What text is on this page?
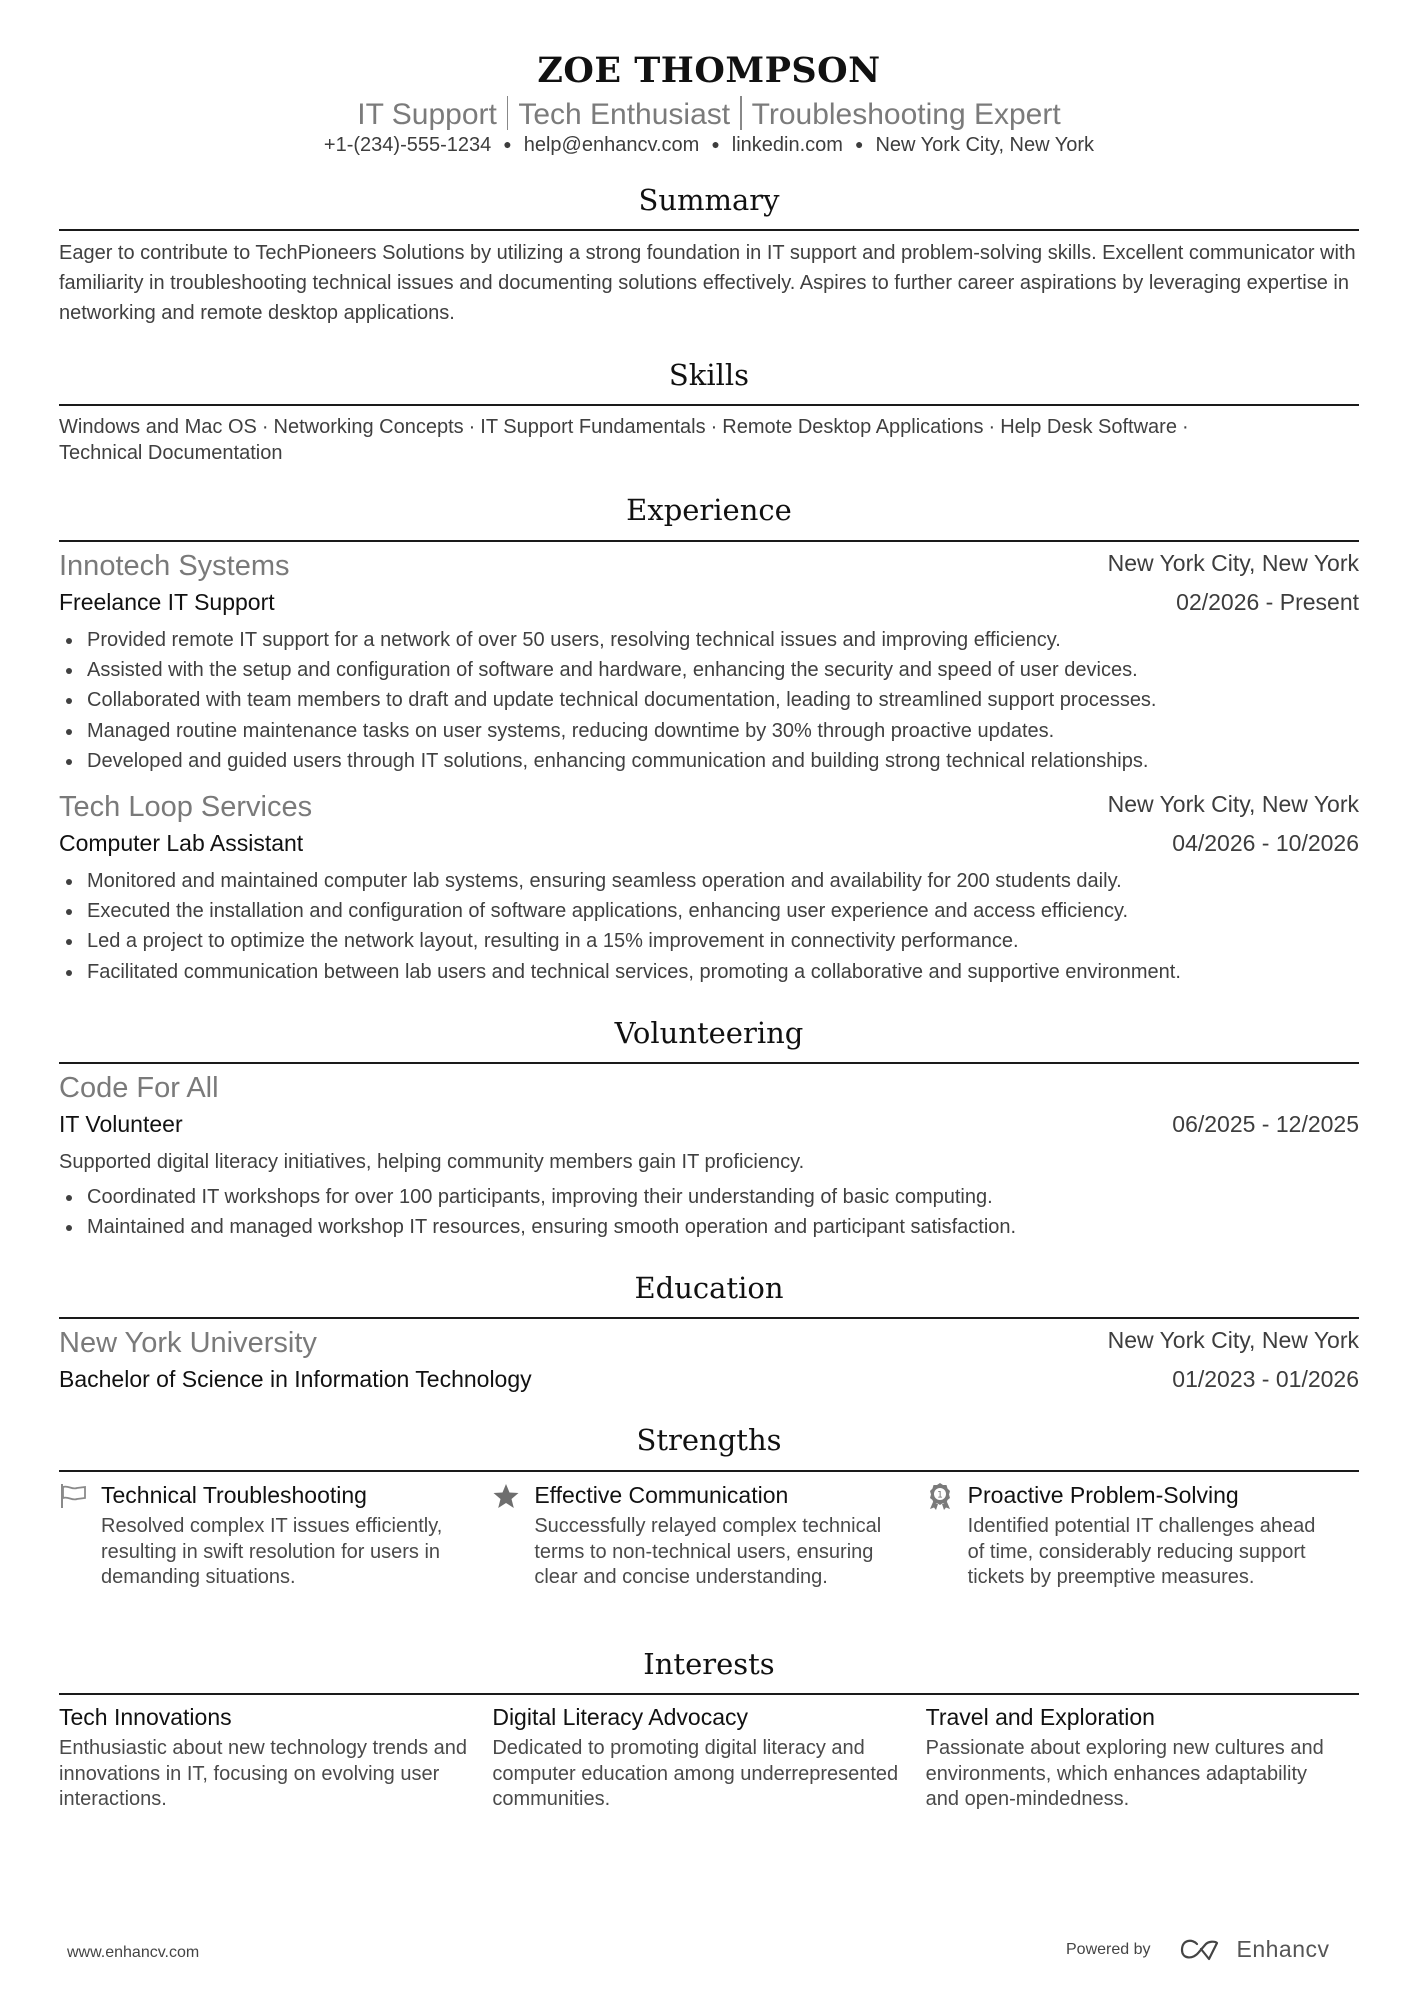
ZOE THOMPSON
IT Support Tech Enthusiast Troubleshooting Expert
+1-(234)-555-1234 ● help@enhancv.com ● linkedin.com ● New York City, New York
Summary
Eager to contribute to TechPioneers Solutions by utilizing a strong foundation in IT support and problem-solving skills. Excellent communicator with familiarity in troubleshooting technical issues and documenting solutions effectively. Aspires to further career aspirations by leveraging expertise in networking and remote desktop applications.
Skills
Windows and Mac OS · Networking Concepts · IT Support Fundamentals · Remote Desktop Applications · Help Desk Software ·
Technical Documentation
Experience
Innotech Systems	New York City, New York
Freelance IT Support	02/2026 - Present
Provided remote IT support for a network of over 50 users, resolving technical issues and improving efficiency.
Assisted with the setup and configuration of software and hardware, enhancing the security and speed of user devices.
Collaborated with team members to draft and update technical documentation, leading to streamlined support processes.
Managed routine maintenance tasks on user systems, reducing downtime by 30% through proactive updates.
Developed and guided users through IT solutions, enhancing communication and building strong technical relationships.
Tech Loop Services	New York City, New York
Computer Lab Assistant	04/2026 - 10/2026
Monitored and maintained computer lab systems, ensuring seamless operation and availability for 200 students daily.
Executed the installation and configuration of software applications, enhancing user experience and access efficiency.
Led a project to optimize the network layout, resulting in a 15% improvement in connectivity performance.
Facilitated communication between lab users and technical services, promoting a collaborative and supportive environment.
Volunteering
Code For All
IT Volunteer	06/2025 - 12/2025
Supported digital literacy initiatives, helping community members gain IT proficiency.
Coordinated IT workshops for over 100 participants, improving their understanding of basic computing.
Maintained and managed workshop IT resources, ensuring smooth operation and participant satisfaction.
Education
New York University	New York City, New York
Bachelor of Science in Information Technology	01/2023 - 01/2026
Strengths
Technical Troubleshooting
Resolved complex IT issues efficiently, resulting in swift resolution for users in demanding situations.
Effective Communication
Successfully relayed complex technical terms to non-technical users, ensuring clear and concise understanding.
1	Proactive Problem-Solving
Identified potential IT challenges ahead of time, considerably reducing support tickets by preemptive measures.
Interests
Tech Innovations
Enthusiastic about new technology trends and innovations in IT, focusing on evolving user interactions.
Digital Literacy Advocacy
Dedicated to promoting digital literacy and computer education among underrepresented communities.
Travel and Exploration
Passionate about exploring new cultures and environments, which enhances adaptability and open-mindedness.
www.enhancv.com	Powered by	Enhancv
